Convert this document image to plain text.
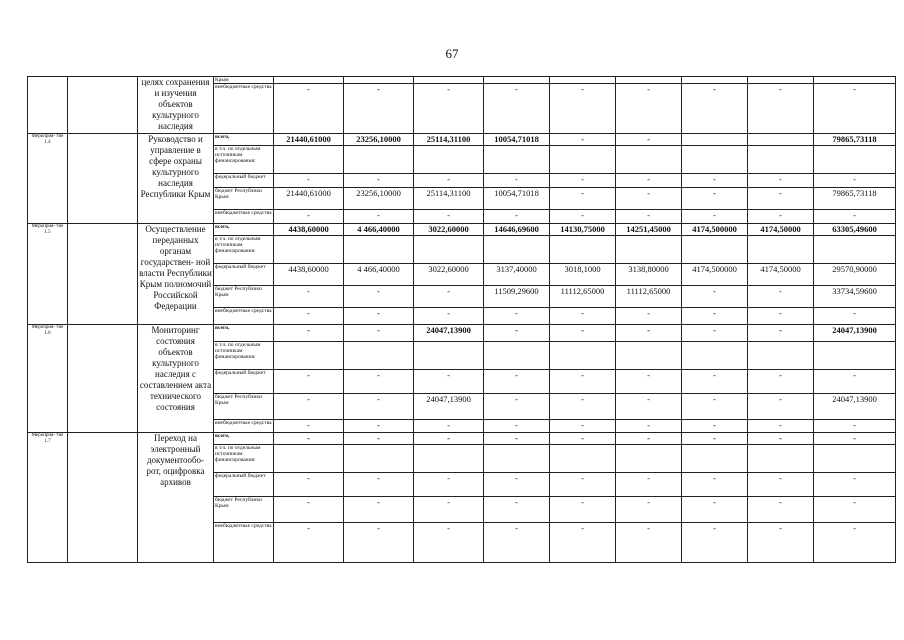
67
		целях сохранения и изучения объектов культурного наследия	Крым									
			внебюджетные средства	-	-	-	-	-	-	-	-	-
Мероприя- тие 1.4		Руководство и управление в сфере охраны культурного наследия Республики Крым	всего,	21440,61000	23256,10000	25114,31100	10054,71018	-	-			79865,73118
			в т.ч. по отдельным источникам финансирования:									
			федеральный бюджет	-	-	-	-	-	-	-	-	-
			бюджет Республики Крым	21440,61000	23256,10000	25114,31100	10054,71018	-	-	-	-	79865,73118
			внебюджетные средства	-	-	-	-	-	-	-	-	-
Мероприя- тие 1.5		Осуществление переданных органам государствен- ной власти Республики Крым полномочий Российской Федерации	всего,	4438,60000	4 466,40000	3022,60000	14646,69600	14130,75000	14251,45000	4174,500000	4174,50000	63305,49600
			в т.ч. по отдельным источникам финансирования:									
			федеральный бюджет	4438,60000	4 466,40000	3022,60000	3137,40000	3018,1000	3138,80000	4174,500000	4174,50000	29570,90000
			бюджет Республики Крым	-	-	-	11509,29600	11112,65000	11112,65000	-	-	33734,59600
			внебюджетные средства	-	-	-	-	-	-	-	-	-
Мероприя- тие 1.6		Мониторинг состояния объектов культурного наследия с составлением акта технического состояния	всего,	-	-	24047,13900	-	-	-	-	-	24047,13900
			в т.ч. по отдельным источникам финансирования:									
			федеральный бюджет	-	-	-	-	-	-	-	-	-
			бюджет Республики Крым	-	-	24047,13900	-	-	-	-	-	24047,13900
			внебюджетные средства	-	-	-	-	-	-	-	-	-
Мероприя- тие 1.7		Переход на электронный документообо- рот, оцифровка архивов	всего,	-	-	-	-	-	-	-	-	-
			в т.ч. по отдельным источникам финансирования:									
			федеральный бюджет	-	-	-	-	-	-	-	-	-
			бюджет Республики Крым	-	-	-	-	-	-	-	-	-
			внебюджетные средства	-	-	-	-	-	-	-	-	-
